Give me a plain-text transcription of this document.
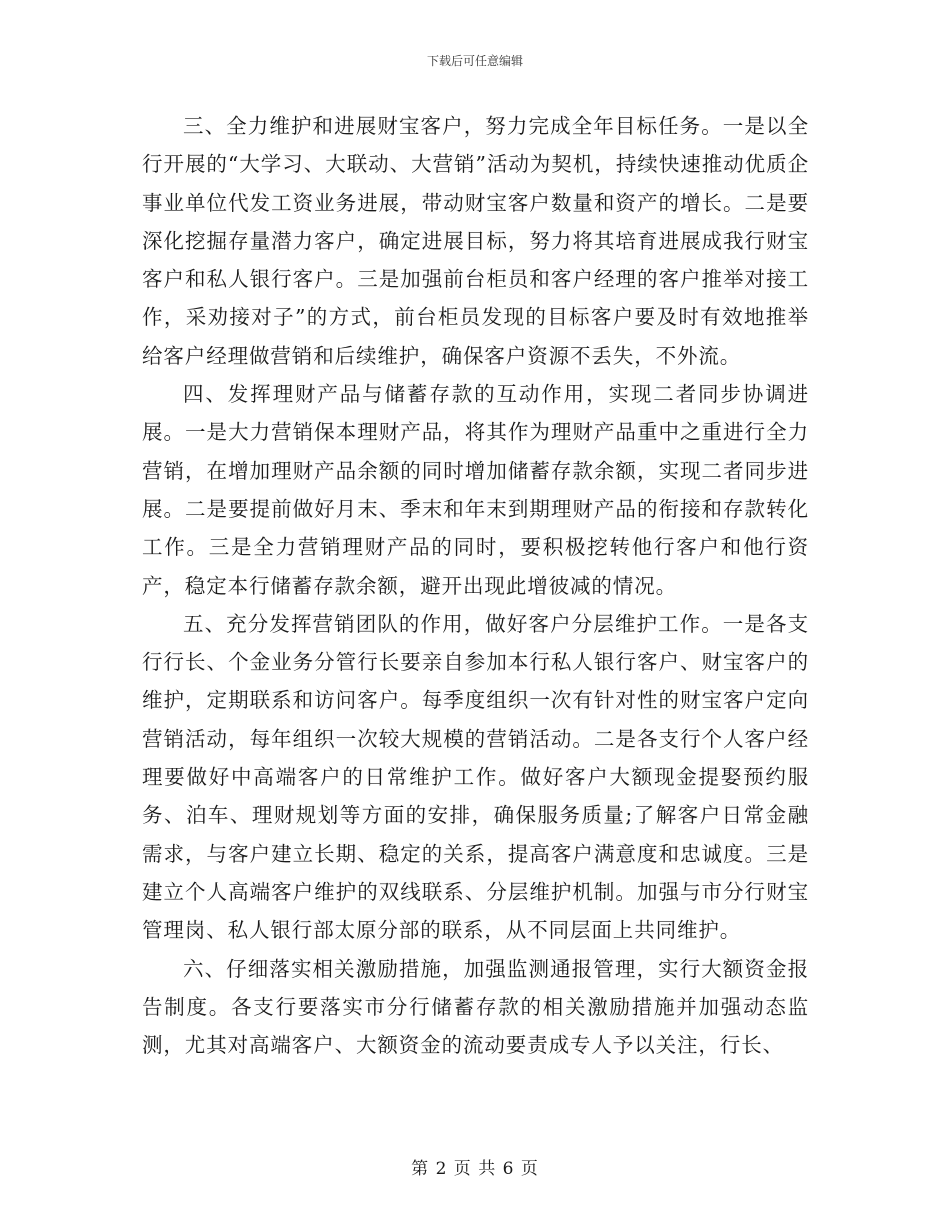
下载后可任意编辑

三、全力维护和进展财宝客户，努力完成全年目标任务。一是以全行开展的“大学习、大联动、大营销”活动为契机，持续快速推动优质企事业单位代发工资业务进展，带动财宝客户数量和资产的增长。二是要深化挖掘存量潜力客户，确定进展目标，努力将其培育进展成我行财宝客户和私人银行客户。三是加强前台柜员和客户经理的客户推举对接工作，采劝接对子”的方式，前台柜员发现的目标客户要及时有效地推举给客户经理做营销和后续维护，确保客户资源不丢失，不外流。

四、发挥理财产品与储蓄存款的互动作用，实现二者同步协调进展。一是大力营销保本理财产品，将其作为理财产品重中之重进行全力营销，在增加理财产品余额的同时增加储蓄存款余额，实现二者同步进展。二是要提前做好月末、季末和年末到期理财产品的衔接和存款转化工作。三是全力营销理财产品的同时，要积极挖转他行客户和他行资产，稳定本行储蓄存款余额，避开出现此增彼减的情况。

五、充分发挥营销团队的作用，做好客户分层维护工作。一是各支行行长、个金业务分管行长要亲自参加本行私人银行客户、财宝客户的维护，定期联系和访问客户。每季度组织一次有针对性的财宝客户定向营销活动，每年组织一次较大规模的营销活动。二是各支行个人客户经理要做好中高端客户的日常维护工作。做好客户大额现金提娶预约服务、泊车、理财规划等方面的安排，确保服务质量;了解客户日常金融需求，与客户建立长期、稳定的关系，提高客户满意度和忠诚度。三是建立个人高端客户维护的双线联系、分层维护机制。加强与市分行财宝管理岗、私人银行部太原分部的联系，从不同层面上共同维护。

六、仔细落实相关激励措施，加强监测通报管理，实行大额资金报告制度。各支行要落实市分行储蓄存款的相关激励措施并加强动态监测，尤其对高端客户、大额资金的流动要责成专人予以关注，行长、

第 2 页 共 6 页
